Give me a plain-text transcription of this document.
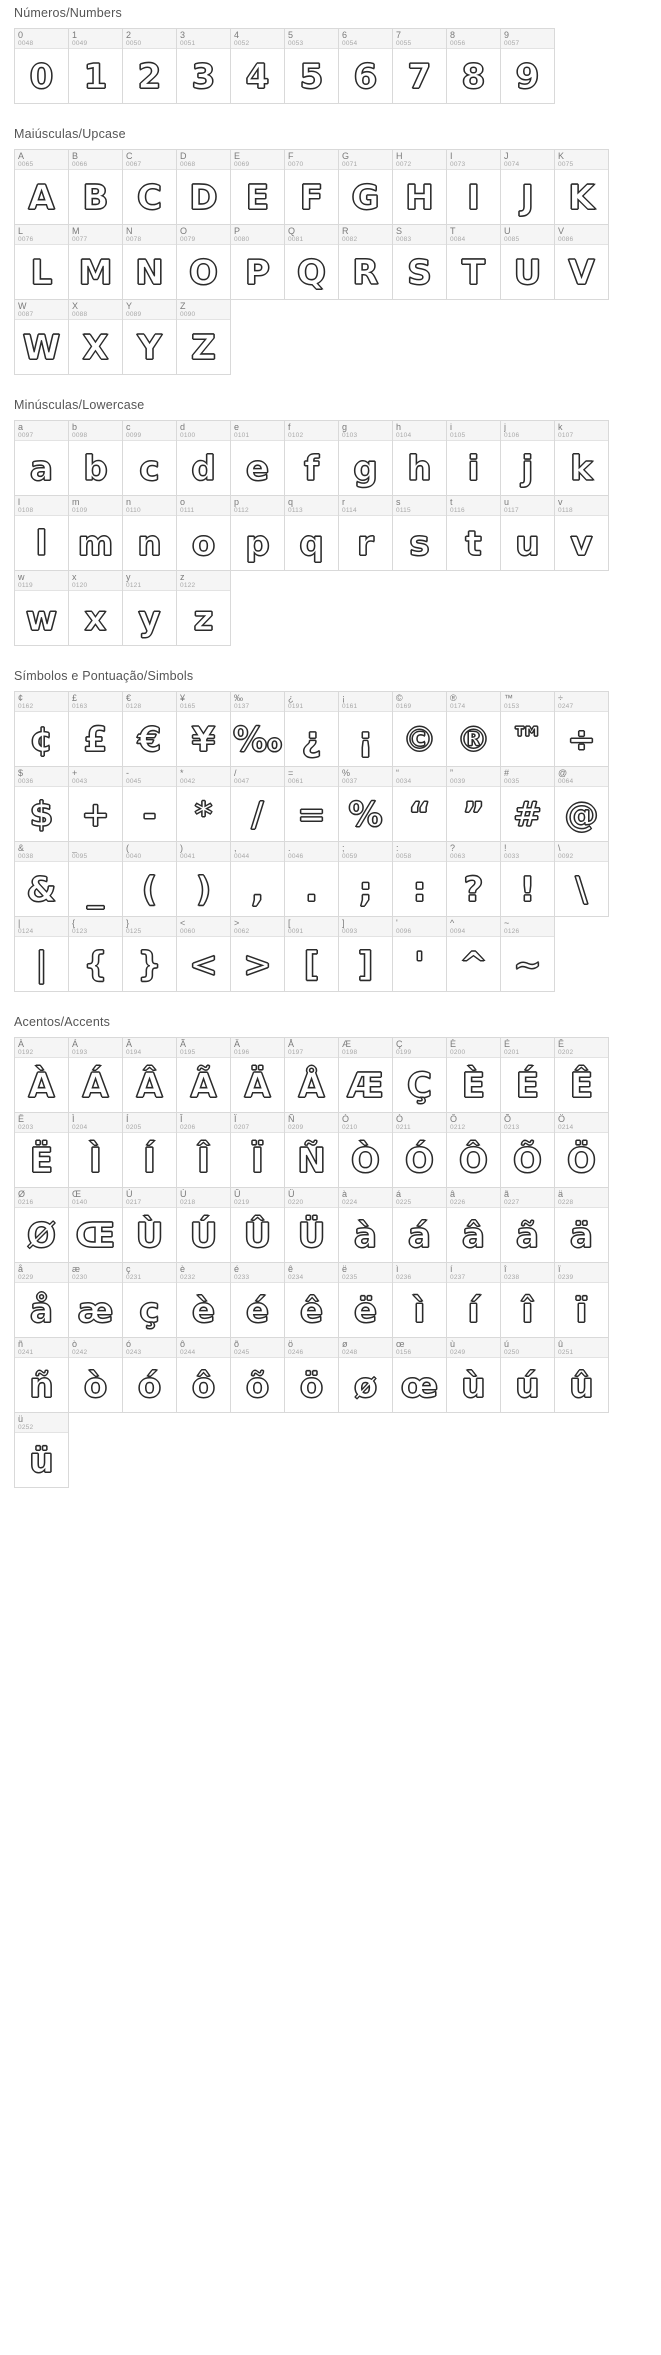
Números/Numbers
0
0048
0
1
0049
1
2
0050
2
3
0051
3
4
0052
4
5
0053
5
6
0054
6
7
0055
7
8
0056
8
9
0057
9
Maiúsculas/Upcase
A
0065
A
B
0066
B
C
0067
C
D
0068
D
E
0069
E
F
0070
F
G
0071
G
H
0072
H
I
0073
I
J
0074
J
K
0075
K
L
0076
L
M
0077
M
N
0078
N
O
0079
O
P
0080
P
Q
0081
Q
R
0082
R
S
0083
S
T
0084
T
U
0085
U
V
0086
V
W
0087
W
X
0088
X
Y
0089
Y
Z
0090
Z
Minúsculas/Lowercase
a
0097
a
b
0098
b
c
0099
c
d
0100
d
e
0101
e
f
0102
f
g
0103
g
h
0104
h
i
0105
i
j
0106
j
k
0107
k
l
0108
l
m
0109
m
n
0110
n
o
0111
o
p
0112
p
q
0113
q
r
0114
r
s
0115
s
t
0116
t
u
0117
u
v
0118
v
w
0119
w
x
0120
x
y
0121
y
z
0122
z
Símbolos e Pontuação/Simbols
¢
0162
¢
£
0163
£
€
0128
€
¥
0165
¥
‰
0137
‰
¿
0191
¿
¡
0161
¡
©
0169
©
®
0174
®
™
0153
™
÷
0247
÷
$
0036
$
+
0043
+
-
0045
-
*
0042
*
/
0047
/
=
0061
=
%
0037
%
“
0034
“
”
0039
”
#
0035
#
@
0064
@
&
0038
&
_
0095
_
(
0040
(
)
0041
)
,
0044
,
.
0046
.
;
0059
;
:
0058
:
?
0063
?
!
0033
!
\
0092
\
|
0124
|
{
0123
{
}
0125
}
<
0060
<
>
0062
>
[
0091
[
]
0093
]
'
0096
'
^
0094
^
~
0126
~
Acentos/Accents
À
0192
À
Á
0193
Á
Â
0194
Â
Ã
0195
Ã
Ä
0196
Ä
Å
0197
Å
Æ
0198
Æ
Ç
0199
Ç
È
0200
È
É
0201
É
Ê
0202
Ê
Ë
0203
Ë
Ì
0204
Ì
Í
0205
Í
Î
0206
Î
Ï
0207
Ï
Ñ
0209
Ñ
Ò
0210
Ò
Ó
0211
Ó
Ô
0212
Ô
Õ
0213
Õ
Ö
0214
Ö
Ø
0216
Ø
Œ
0140
Œ
Ù
0217
Ù
Ú
0218
Ú
Û
0219
Û
Ü
0220
Ü
à
0224
à
á
0225
á
â
0226
â
ã
0227
ã
ä
0228
ä
å
0229
å
æ
0230
æ
ç
0231
ç
è
0232
è
é
0233
é
ê
0234
ê
ë
0235
ë
ì
0236
ì
í
0237
í
î
0238
î
ï
0239
ï
ñ
0241
ñ
ò
0242
ò
ó
0243
ó
ô
0244
ô
õ
0245
õ
ö
0246
ö
ø
0248
ø
œ
0156
œ
ù
0249
ù
ú
0250
ú
û
0251
û
ü
0252
ü
